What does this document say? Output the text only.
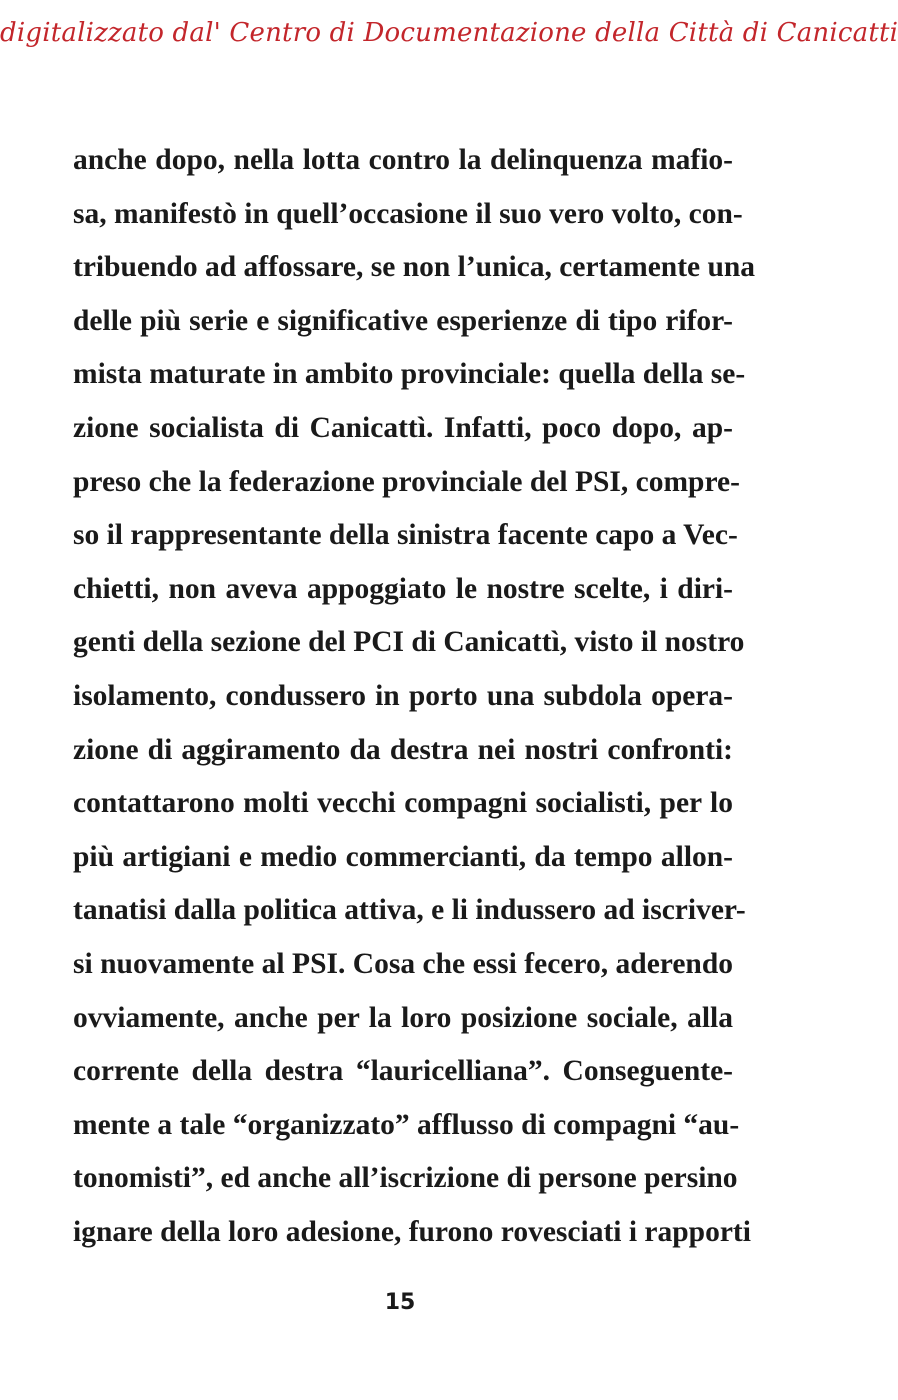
digitalizzato dal' Centro di Documentazione della Città di Canicatti
anche dopo, nella lotta contro la delinquenza mafio-
sa, manifestò in quell’occasione il suo vero volto, con-
tribuendo ad affossare, se non l’unica, certamente una
delle più serie e significative esperienze di tipo rifor-
mista maturate in ambito provinciale: quella della se-
zione socialista di Canicattì. Infatti, poco dopo, ap-
preso che la federazione provinciale del PSI, compre-
so il rappresentante della sinistra facente capo a Vec-
chietti, non aveva appoggiato le nostre scelte, i diri-
genti della sezione del PCI di Canicattì, visto il nostro
isolamento, condussero in porto una subdola opera-
zione di aggiramento da destra nei nostri confronti:
contattarono molti vecchi compagni socialisti, per lo
più artigiani e medio commercianti, da tempo allon-
tanatisi dalla politica attiva, e li indussero ad iscriver-
si nuovamente al PSI. Cosa che essi fecero, aderendo
ovviamente, anche per la loro posizione sociale, alla
corrente della destra “lauricelliana”. Conseguente-
mente a tale “organizzato” afflusso di compagni “au-
tonomisti”, ed anche all’iscrizione di persone persino
ignare della loro adesione, furono rovesciati i rapporti
15
